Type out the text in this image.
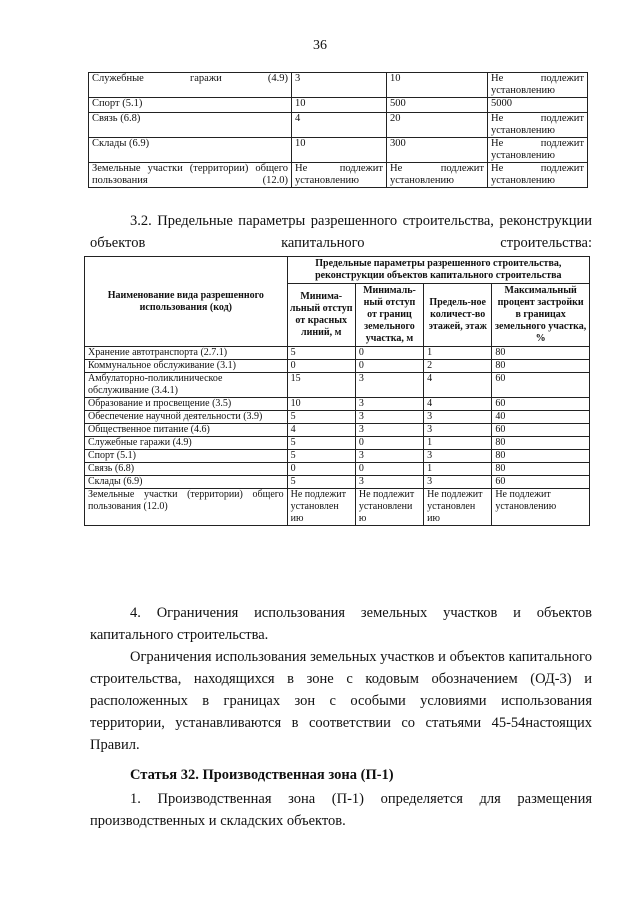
36
Служебные гаражи (4.9)	3	10	Не подлежит установлению

Спорт (5.1)	10	500	5000
Связь (6.8)	4	20	Не подлежит установлению

Склады (6.9)	10	300	Не подлежит установлению

Земельные участки (территории) общего пользования (12.0)	Не подлежит установлению	Не подлежит установлению	Не подлежит установлению
3.2. Предельные параметры разрешенного строительства, реконструкции объектов капитального строительства:
Наименование вида разрешенного использования (код)	Предельные параметры разрешенного строительства, реконструкции объектов капитального строительства			
	Минима-льный отступ от красных линий, м	Минималь-ный отступ от границ земельного участка, м	Предель-ное количест-во этажей, этаж	Максимальный процент застройки в границах земельного участка, %
Хранение автотранспорта (2.7.1)	5	0	1	80
Коммунальное обслуживание (3.1)	0	0	2	80
Амбулаторно-поликлиническое обслуживание (3.4.1)	15	3	4	60
Образование и просвещение (3.5)	10	3	4	60
Обеспечение научной деятельности (3.9)	5	3	3	40
Общественное питание (4.6)	4	3	3	60
Служебные гаражи (4.9)	5	0	1	80
Спорт (5.1)	5	3	3	80
Связь (6.8)	0	0	1	80
Склады (6.9)	5	3	3	60
Земельные участки (территории) общего пользования (12.0)	Не подлежит установлен ию	Не подлежит установлени ю	Не подлежит установлен ию	Не подлежит установлению
4. Ограничения использования земельных участков и объектов капитального строительства.
Ограничения использования земельных участков и объектов капитального строительства, находящихся в зоне с кодовым обозначением (ОД-3) и расположенных в границах зон с особыми условиями использования территории, устанавливаются в соответствии со статьями 45-54настоящих Правил.
Статья 32. Производственная зона (П-1)
1. Производственная зона (П-1) определяется для размещения производственных и складских объектов.
